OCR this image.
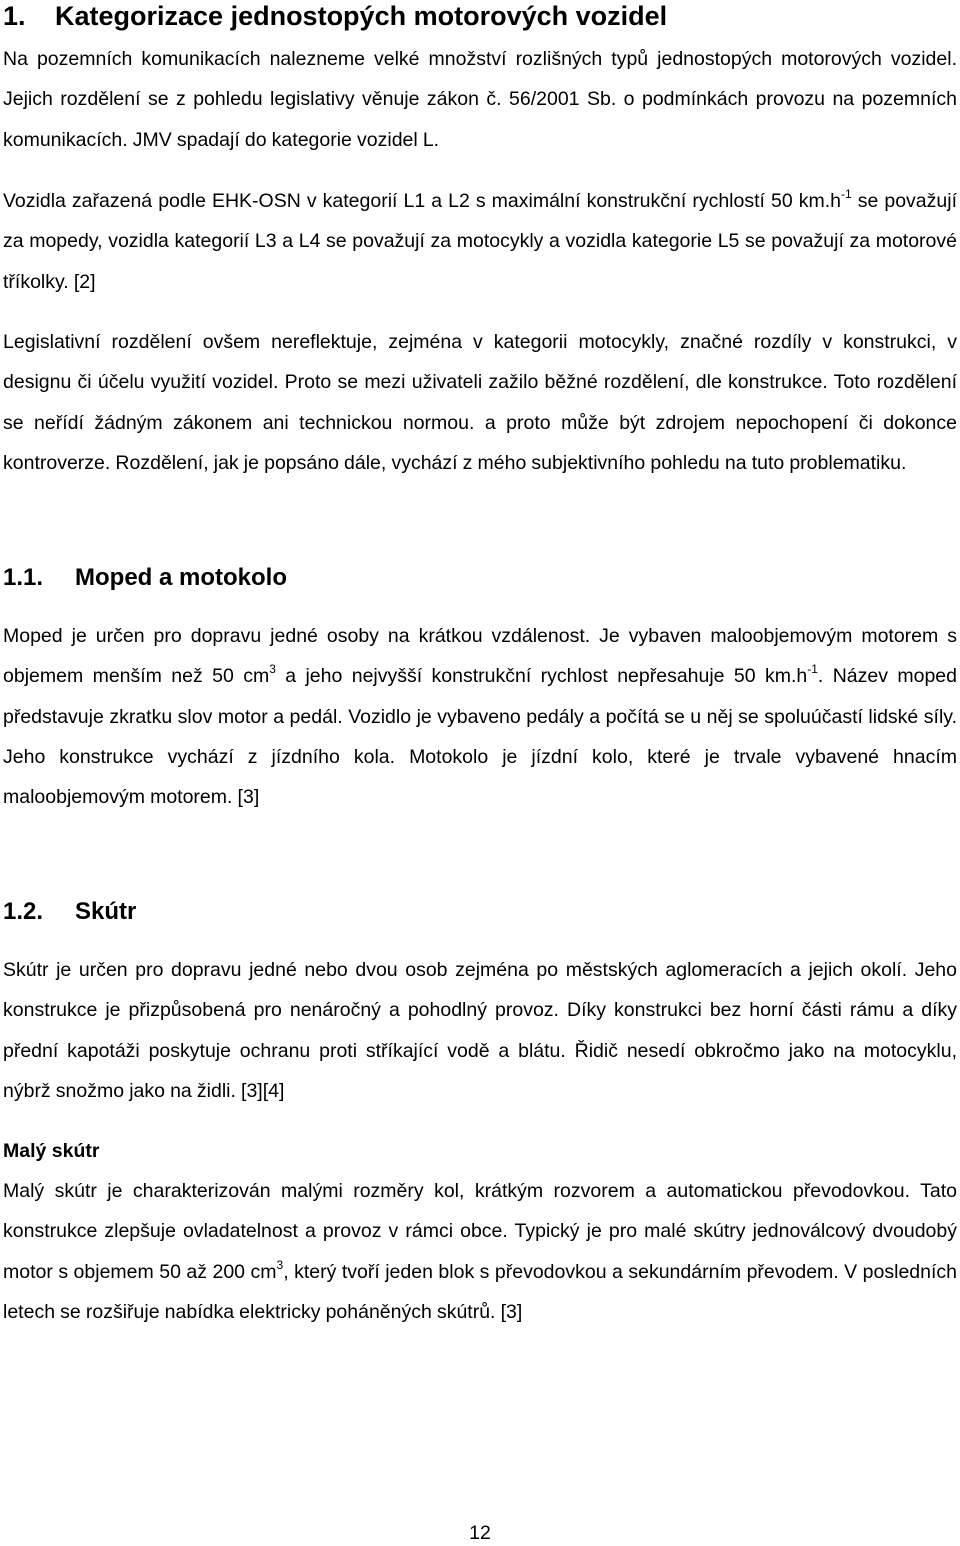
1. Kategorizace jednostopých motorových vozidel

Na pozemních komunikacích nalezneme velké množství rozlišných typů jednostopých motorových vozidel. Jejich rozdělení se z pohledu legislativy věnuje zákon č. 56/2001 Sb. o podmínkách provozu na pozemních komunikacích. JMV spadají do kategorie vozidel L.

Vozidla zařazená podle EHK-OSN v kategorií L1 a L2 s maximální konstrukční rychlostí 50 $km.h^{-1}$ se považují za mopedy, vozidla kategorií L3 a L4 se považují za motocykly a vozidla kategorie L5 se považují za motorové tříkolky. [2]

Legislativní rozdělení ovšem nereflektuje, zejména v kategorii motocykly, značné rozdíly v konstrukci, v designu či účelu využití vozidel. Proto se mezi uživateli zažilo běžné rozdělení, dle konstrukce. Toto rozdělení se neřídí žádným zákonem ani technickou normou. a proto může být zdrojem nepochopení či dokonce kontroverze. Rozdělení, jak je popsáno dále, vychází z mého subjektivního pohledu na tuto problematiku.

1.1. Moped a motokolo

Moped je určen pro dopravu jedné osoby na krátkou vzdálenost. Je vybaven maloobjemovým motorem s objemem menším než 50 $cm^3$ a jeho nejvyšší konstrukční rychlost nepřesahuje 50 $km.h^{-1}$. Název moped představuje zkratku slov motor a pedál. Vozidlo je vybaveno pedály a počítá se u něj se spoluúčastí lidské síly. Jeho konstrukce vychází z jízdního kola. Motokolo je jízdní kolo, které je trvale vybavené hnacím maloobjemovým motorem. [3]

1.2. Skútr

Skútr je určen pro dopravu jedné nebo dvou osob zejména po městských aglomeracích a jejich okolí. Jeho konstrukce je přizpůsobená pro nenáročný a pohodlný provoz. Díky konstrukci bez horní části rámu a díky přední kapotáži poskytuje ochranu proti stříkající vodě a blátu. Řidič nesedí obkročmo jako na motocyklu, nýbrž snožmo jako na židli. [3][4]

Malý skútr

Malý skútr je charakterizován malými rozměry kol, krátkým rozvorem a automatickou převodovkou. Tato konstrukce zlepšuje ovladatelnost a provoz v rámci obce. Typický je pro malé skútry jednoválcový dvoudobý motor s objemem 50 až 200 $cm^3$, který tvoří jeden blok s převodovkou a sekundárním převodem. V posledních letech se rozšiřuje nabídka elektricky poháněných skútrů. [3]

12
